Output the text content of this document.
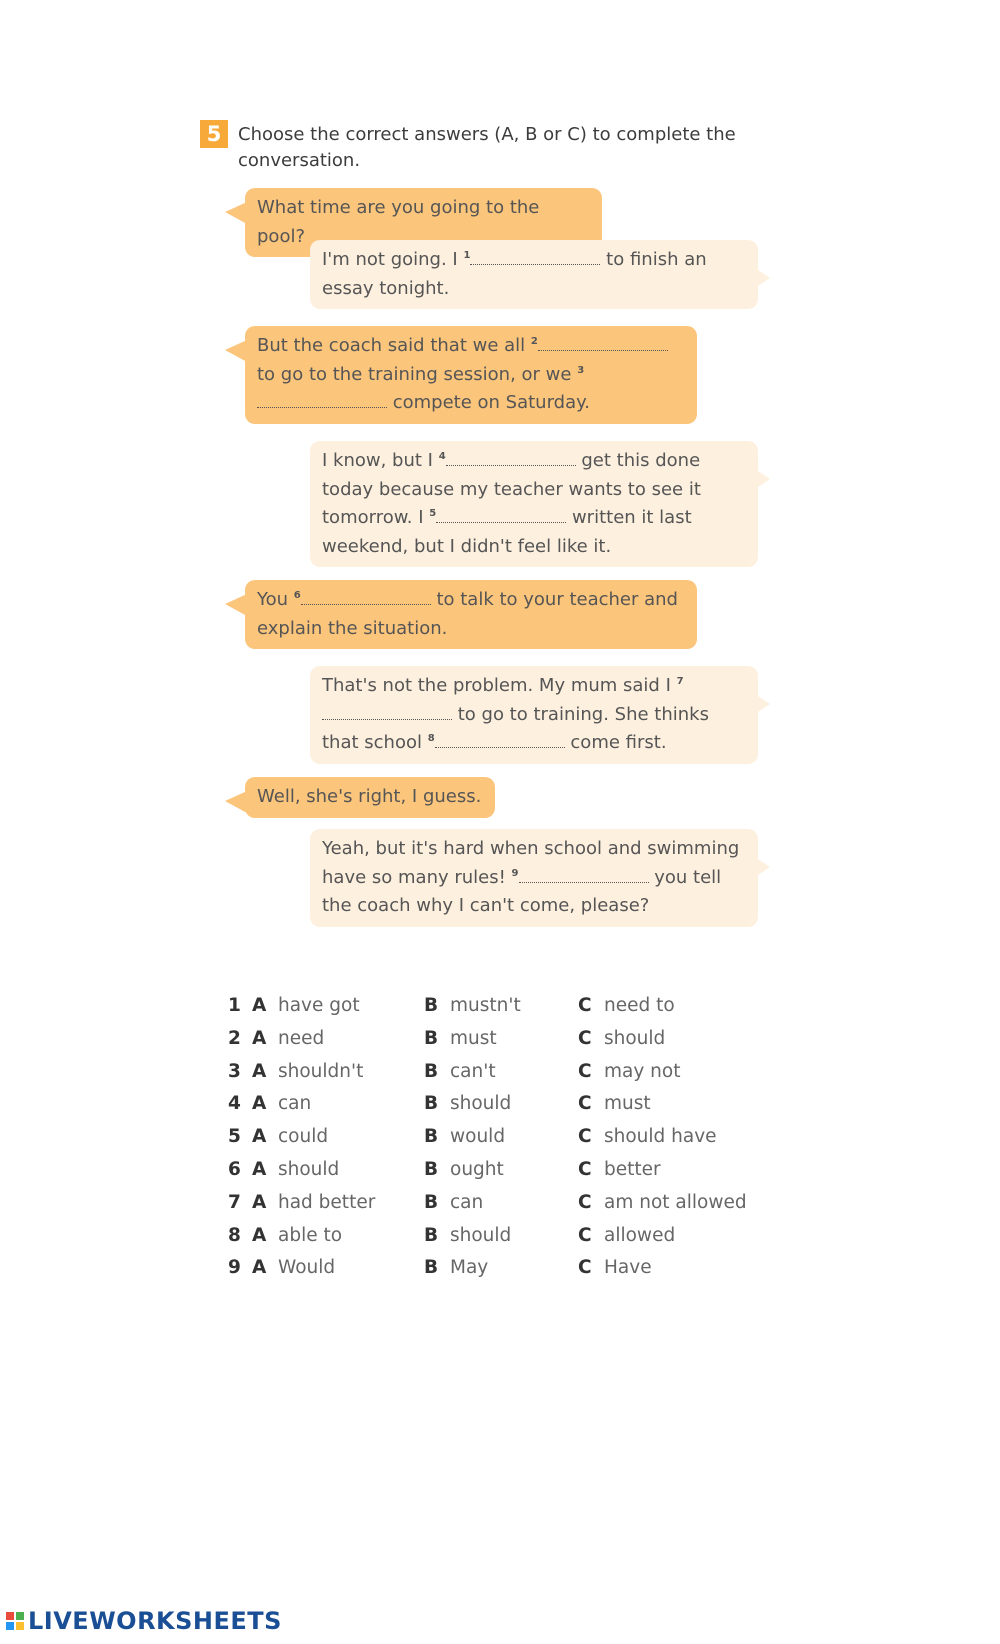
5 Choose the correct answers (A, B or C) to complete the conversation.
What time are you going to the pool?
I'm not going. I $^1$	to finish an essay tonight.
But the coach said that we all $^2$ to go to the training session, or we $^3$ compete on Saturday.
I know, but I $^4$	get this done today because my teacher wants to see it tomorrow. I $^5$	written it last weekend, but I didn't feel like it.
You $^6$	to talk to your teacher and explain the situation.
That's not the problem. My mum said I $^7$ to go to training. She thinks that school $^8$	come first.
Well, she's right, I guess.
Yeah, but it's hard when school and swimming have so many rules! $^9$	you tell the coach why I can't come, please?
1 A have got	B mustn't	C need to
2 A need	B must	C should
3 A shouldn't	B can't	C may not
4 A can	B should	C must
5 A could	B would	C should have
6 A should	B ought	C better
7 A had better	B can	C am not allowed
8 A able to	B should	C allowed
9 A Would	B May	C Have
LIVEWORKSHEETS
